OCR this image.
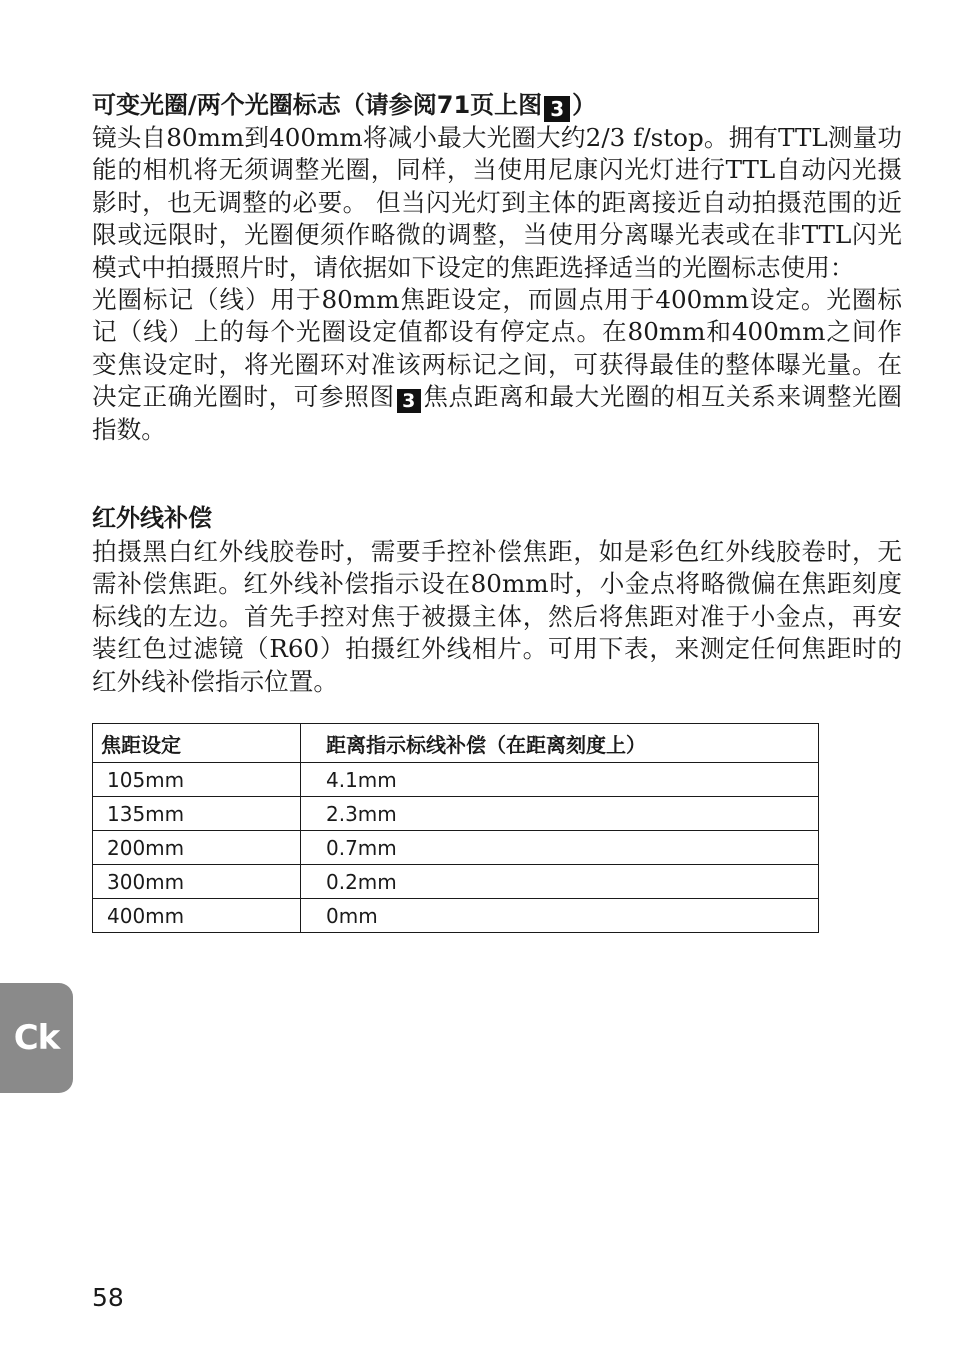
可变光圈/两个光圈标志（请参阅71页上图 3 ）

镜头自80mm到400mm将减小最大光圈大约2/3 f/stop。拥有TTL测量功能的相机将无须调整光圈，同样，当使用尼康闪光灯进行TTL自动闪光摄影时，也无调整的必要。 但当闪光灯到主体的距离接近自动拍摄范围的近限或远限时，光圈便须作略微的调整，当使用分离曝光表或在非TTL闪光模式中拍摄照片时，请依据如下设定的焦距选择适当的光圈标志使用：

光圈标记（线）用于80mm焦距设定，而圆点用于400mm设定。光圈标记（线）上的每个光圈设定值都设有停定点。在80mm和400mm之间作变焦设定时，将光圈环对准该两标记之间，可获得最佳的整体曝光量。在决定正确光圈时，可参照图 3 焦点距离和最大光圈的相互关系来调整光圈指数。

红外线补偿

拍摄黑白红外线胶卷时，需要手控补偿焦距，如是彩色红外线胶卷时，无需补偿焦距。红外线补偿指示设在80mm时，小金点将略微偏在焦距刻度标线的左边。首先手控对焦于被摄主体，然后将焦距对准于小金点，再安装红色过滤镜（R60）拍摄红外线相片。可用下表，来测定任何焦距时的红外线补偿指示位置。

焦距设定	距离指示标线补偿（在距离刻度上）
105mm	4.1mm
135mm	2.3mm
200mm	0.7mm
300mm	0.2mm
400mm	0mm
Ck
58
